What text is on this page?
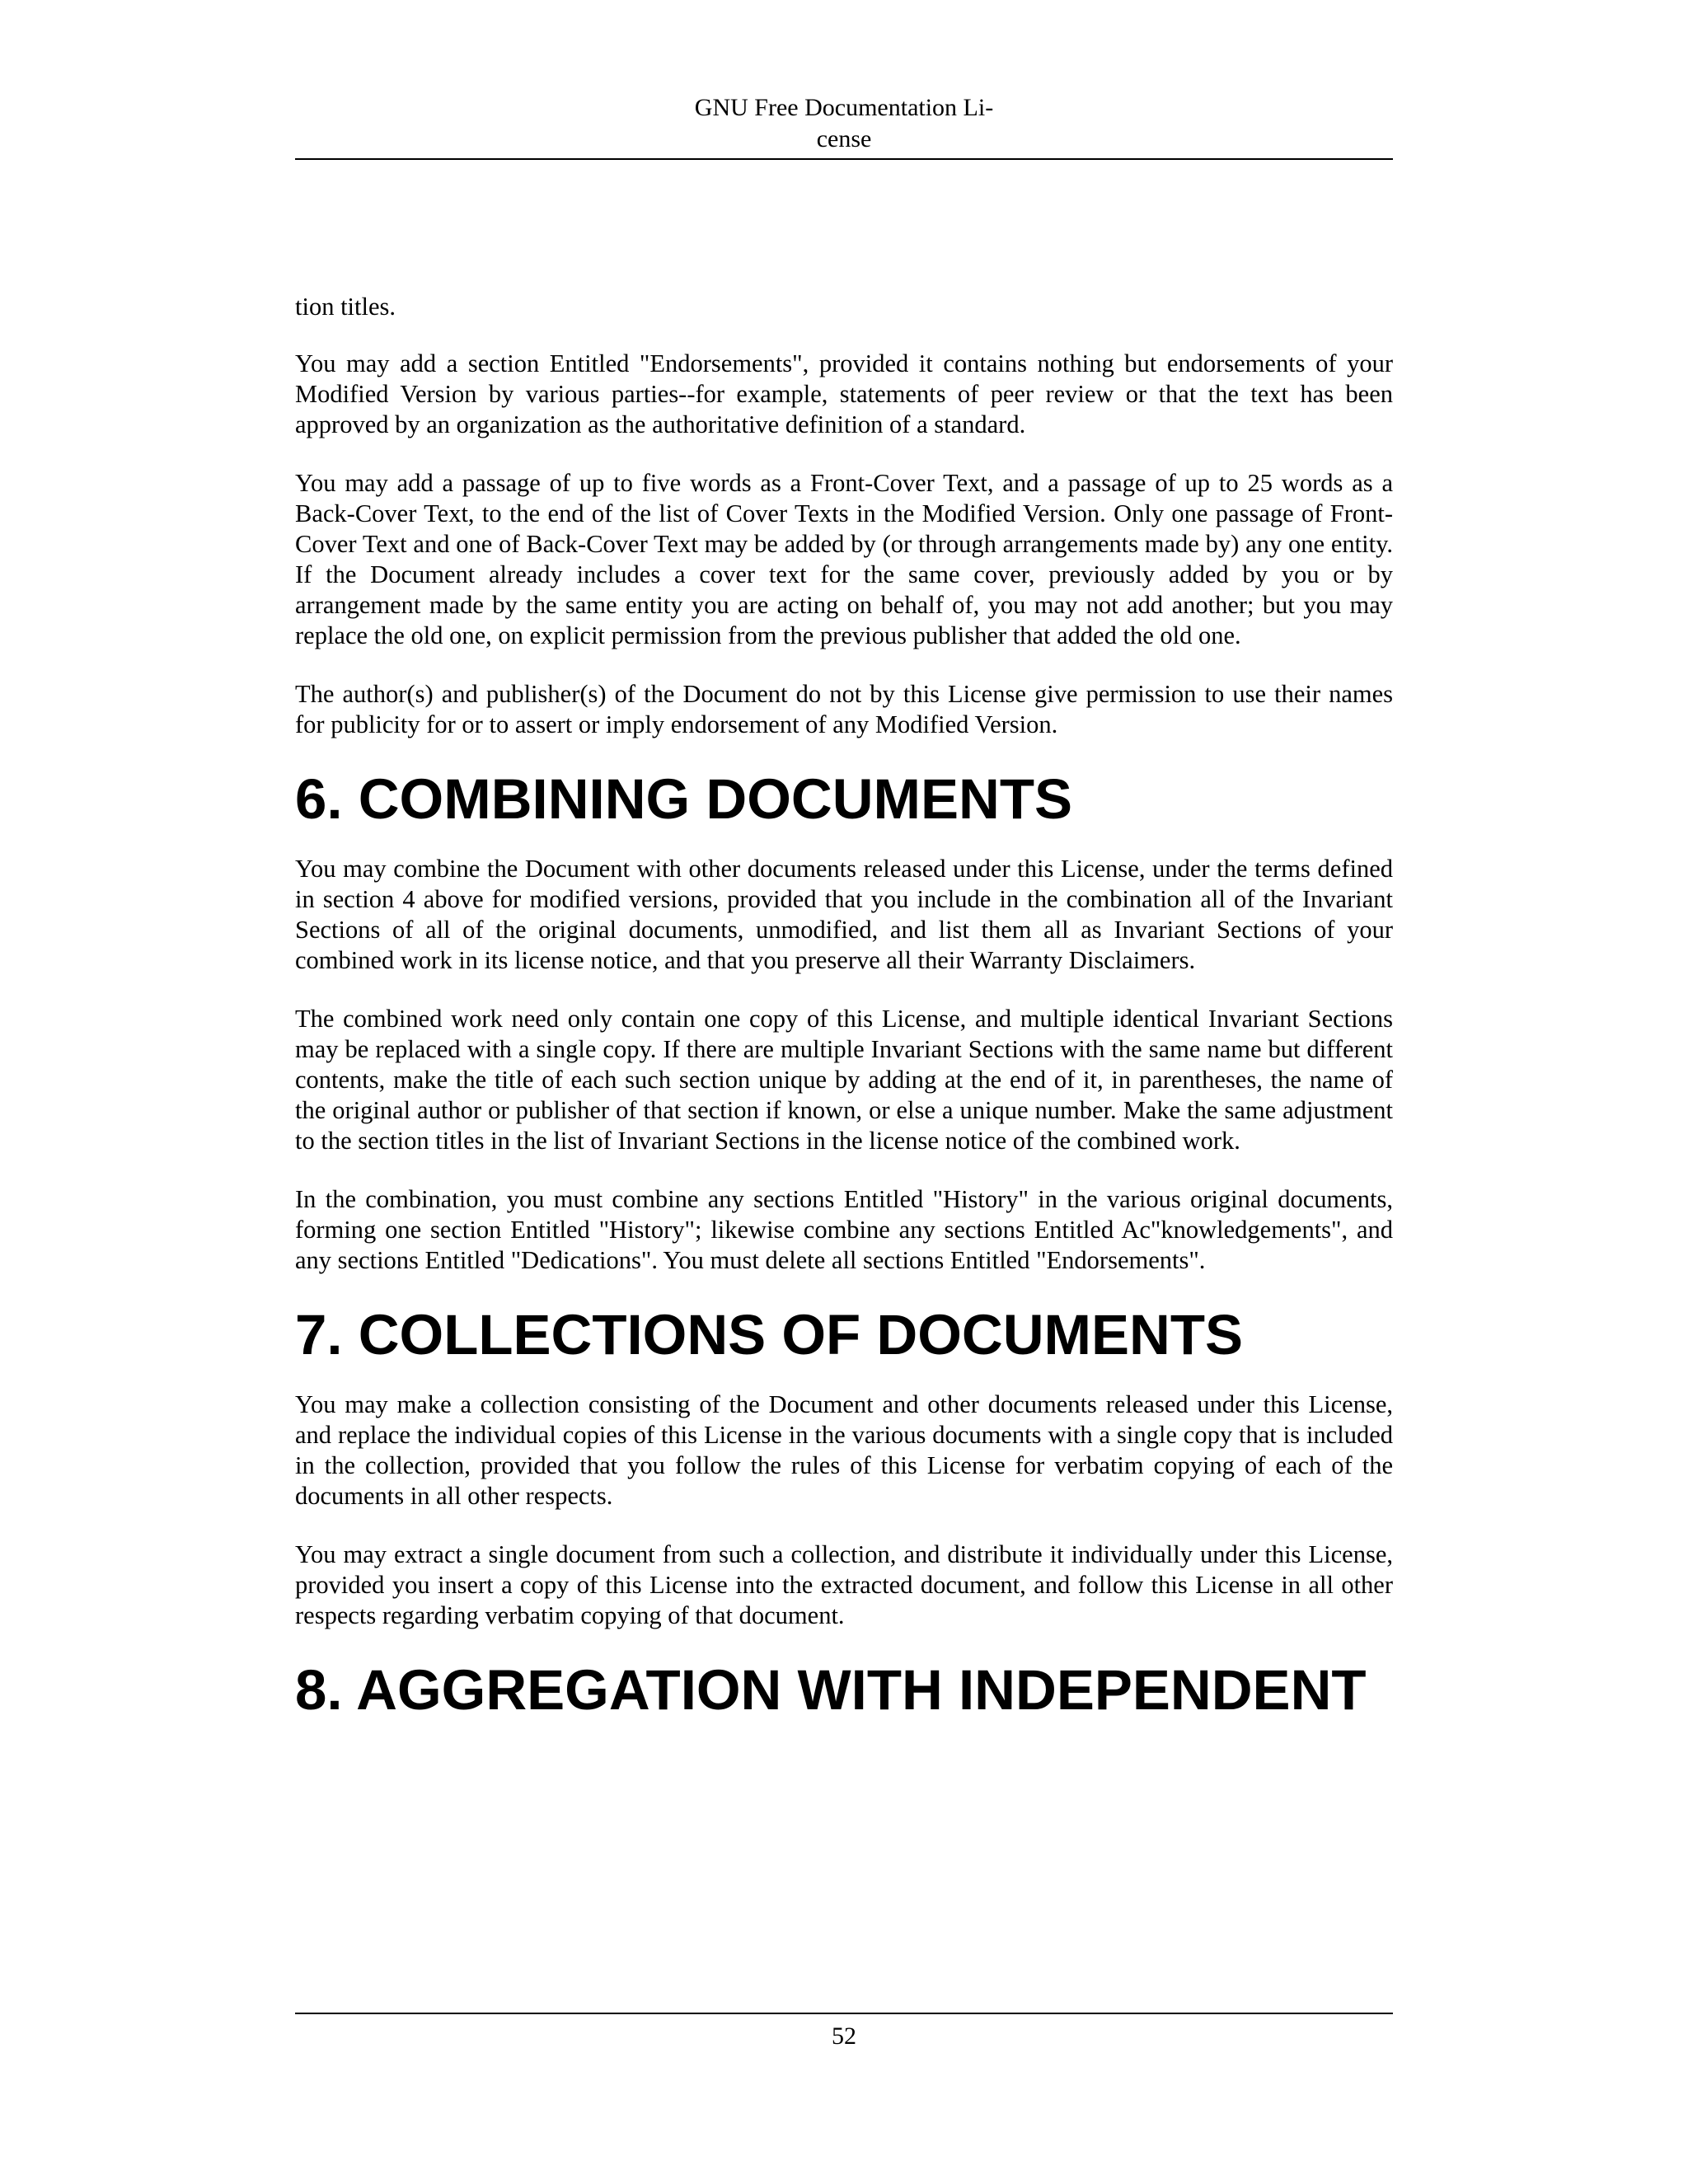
GNU Free Documentation Li-
cense

tion titles.

You may add a section Entitled "Endorsements", provided it contains nothing but endorsements of your Modified Version by various parties--for example, statements of peer review or that the text has been approved by an organization as the authoritative definition of a standard.

You may add a passage of up to five words as a Front-Cover Text, and a passage of up to 25 words as a Back-Cover Text, to the end of the list of Cover Texts in the Modified Version. Only one passage of Front-Cover Text and one of Back-Cover Text may be added by (or through arrangements made by) any one entity. If the Document already includes a cover text for the same cover, previously added by you or by arrangement made by the same entity you are acting on behalf of, you may not add another; but you may replace the old one, on explicit permission from the previous publisher that added the old one.

The author(s) and publisher(s) of the Document do not by this License give permission to use their names for publicity for or to assert or imply endorsement of any Modified Version.

6. COMBINING DOCUMENTS

You may combine the Document with other documents released under this License, under the terms defined in section 4 above for modified versions, provided that you include in the combination all of the Invariant Sections of all of the original documents, unmodified, and list them all as Invariant Sections of your combined work in its license notice, and that you preserve all their Warranty Disclaimers.

The combined work need only contain one copy of this License, and multiple identical Invariant Sections may be replaced with a single copy. If there are multiple Invariant Sections with the same name but different contents, make the title of each such section unique by adding at the end of it, in parentheses, the name of the original author or publisher of that section if known, or else a unique number. Make the same adjustment to the section titles in the list of Invariant Sections in the license notice of the combined work.

In the combination, you must combine any sections Entitled "History" in the various original documents, forming one section Entitled "History"; likewise combine any sections Entitled Ac"knowledgements", and any sections Entitled "Dedications". You must delete all sections Entitled "Endorsements".

7. COLLECTIONS OF DOCUMENTS

You may make a collection consisting of the Document and other documents released under this License, and replace the individual copies of this License in the various documents with a single copy that is included in the collection, provided that you follow the rules of this License for verbatim copying of each of the documents in all other respects.

You may extract a single document from such a collection, and distribute it individually under this License, provided you insert a copy of this License into the extracted document, and follow this License in all other respects regarding verbatim copying of that document.

8. AGGREGATION WITH INDEPENDENT
52
